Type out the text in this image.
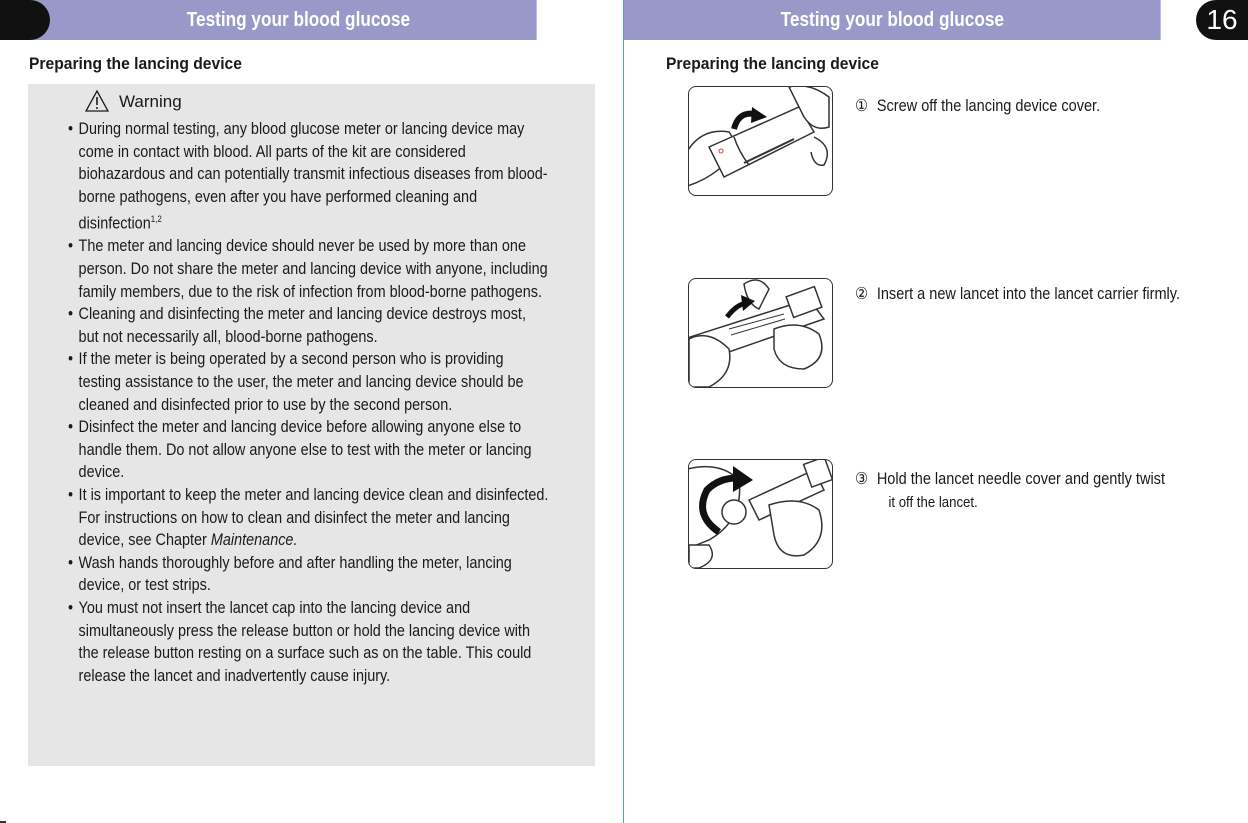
Testing your blood glucose	Testing your blood glucose	16
Preparing the lancing device
Warning

• During normal testing, any blood glucose meter or lancing device may come in contact with blood. All parts of the kit are considered biohazardous and can potentially transmit infectious diseases from blood-borne pathogens, even after you have performed cleaning and disinfection$^{1,2}$

• The meter and lancing device should never be used by more than one person. Do not share the meter and lancing device with anyone, including family members, due to the risk of infection from blood-borne pathogens.

• Cleaning and disinfecting the meter and lancing device destroys most, but not necessarily all, blood-borne pathogens.

• If the meter is being operated by a second person who is providing testing assistance to the user, the meter and lancing device should be cleaned and disinfected prior to use by the second person.

• Disinfect the meter and lancing device before allowing anyone else to handle them. Do not allow anyone else to test with the meter or lancing device.

• It is important to keep the meter and lancing device clean and disinfected. For instructions on how to clean and disinfect the meter and lancing device, see Chapter Maintenance.

• Wash hands thoroughly before and after handling the meter, lancing device, or test strips.

• You must not insert the lancet cap into the lancing device and simultaneously press the release button or hold the lancing device with the release button resting on a surface such as on the table. This could release the lancet and inadvertently cause injury.

Preparing the lancing device
① Screw off the lancing device cover.
② Insert a new lancet into the lancet carrier firmly.
③ Hold the lancet needle cover and gently twist
it off the lancet.
